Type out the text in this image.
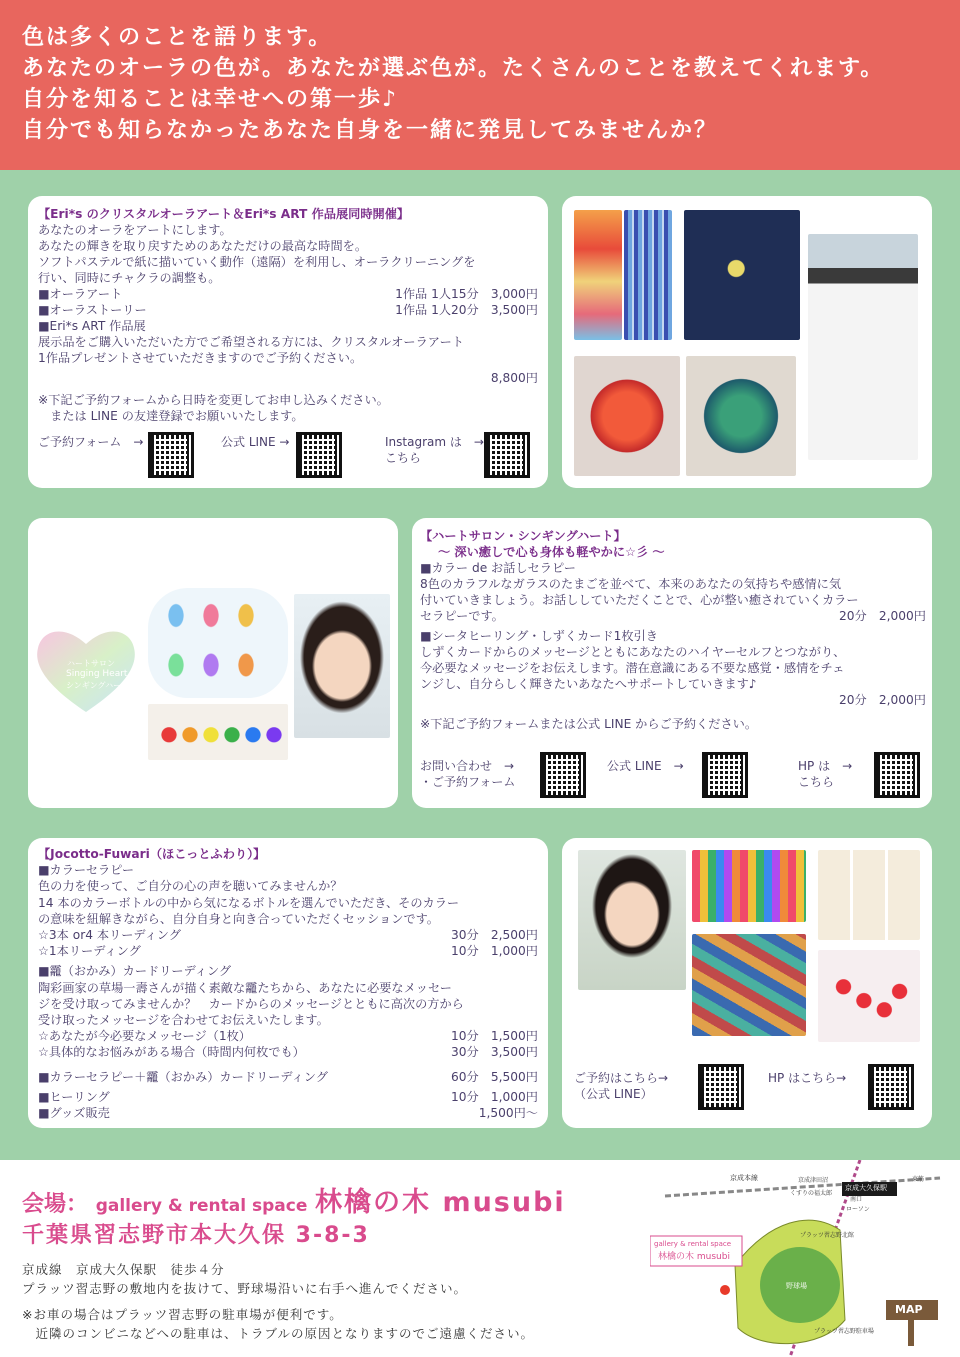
色は多くのことを語ります。

あなたのオーラの色が。あなたが選ぶ色が。たくさんのことを教えてくれます。

自分を知ることは幸せへの第一歩♪

自分でも知らなかったあなた自身を一緒に発見してみませんか？

【Eri*s のクリスタルオーラアート＆Eri*s ART 作品展同時開催】
あなたのオーラをアートにします。
あなたの輝きを取り戻すためのあなただけの最高な時間を。
ソフトパステルで紙に描いていく動作（遠隔）を利用し、オーラクリーニングを
行い、同時にチャクラの調整も。
■オーラアート	1作品 1人15分　3,000円
■オーラストーリー	1作品 1人20分　3,500円
■Eri*s ART 作品展
展示品をご購入いただいた方でご希望される方には、クリスタルオーラアート
1作品プレゼントさせていただきますのでご予約ください。
8,800円
※下記ご予約フォームから日時を変更してお申し込みください。
　または LINE の友達登録でお願いいたします。
ご予約フォーム　→	公式 LINE →	Instagram は　→
こちら
ハートサロン
Singing Heart
シンギングハート
【ハートサロン・シンギングハート】
～ 深い癒しで心も身体も軽やかに☆彡 ～
■カラー de お話しセラピー
8色のカラフルなガラスのたまごを並べて、本来のあなたの気持ちや感情に気
付いていきましょう。お話ししていただくことで、心が整い癒されていくカラー
セラピーです。	20分　2,000円
■シータヒーリング・しずくカード1枚引き
しずくカードからのメッセージとともにあなたのハイヤーセルフとつながり、
今必要なメッセージをお伝えします。潜在意識にある不要な感覚・感情をチェ
ンジし、自分らしく輝きたいあなたへサポートしていきます♪
20分　2,000円
※下記ご予約フォームまたは公式 LINE からご予約ください。
お問い合わせ　→
・ご予約フォーム
公式 LINE　→	HP は　→
こちら
【Jocotto-Fuwari（ほこっとふわり）】
■カラーセラピー
色の力を使って、ご自分の心の声を聴いてみませんか？
14 本のカラーボトルの中から気になるボトルを選んでいただき、そのカラー
の意味を紐解きながら、自分自身と向き合っていただくセッションです。
☆3本 or4 本リーディング	30分　2,500円
☆1本リーディング	10分　1,000円
■龗（おかみ）カードリーディング
陶彩画家の草場一壽さんが描く素敵な龗たちから、あなたに必要なメッセー
ジを受け取ってみませんか？　カードからのメッセージとともに高次の方から
受け取ったメッセージを合わせてお伝えいたします。
☆あなたが今必要なメッセージ（1枚）	10分　1,500円
☆具体的なお悩みがある場合（時間内何枚でも）	30分　3,500円
■カラーセラピー＋龗（おかみ）カードリーディング	60分　5,500円
■ヒーリング	10分　1,000円
■グッズ販売	1,500円～
ご予約はこちら→
（公式 LINE）
HP はこちら→
会場： gallery & rental space 林檎の木 musubi
千葉県習志野市本大久保 3-8-3
京成線　京成大久保駅　徒歩４分
プラッツ習志野の敷地内を抜けて、野球場沿いに右手へ進んでください。
※お車の場合はプラッツ習志野の駐車場が便利です。
　近隣のコンビニなどへの駐車は、トラブルの原因となりますのでご遠慮ください。
京成本線
京成大久保駅
京成津田沼	東筋
くすりの福太郎
南口
ローソン
プラッツ習志野北館
gallery & rental space
林檎の木 musubi
野球場
プラッツ習志野駐車場
MAP
